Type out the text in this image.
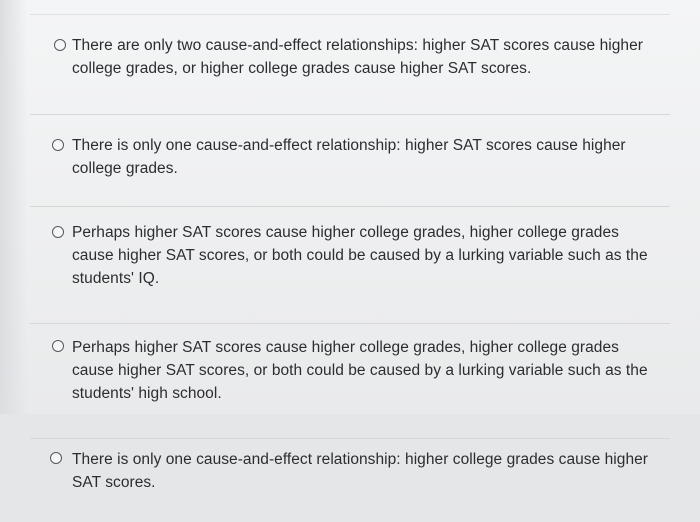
There are only two cause-and-effect relationships: higher SAT scores cause higher college grades, or higher college grades cause higher SAT scores.
There is only one cause-and-effect relationship: higher SAT scores cause higher college grades.
Perhaps higher SAT scores cause higher college grades, higher college grades cause higher SAT scores, or both could be caused by a lurking variable such as the students' IQ.
Perhaps higher SAT scores cause higher college grades, higher college grades cause higher SAT scores, or both could be caused by a lurking variable such as the students' high school.
There is only one cause-and-effect relationship: higher college grades cause higher SAT scores.
